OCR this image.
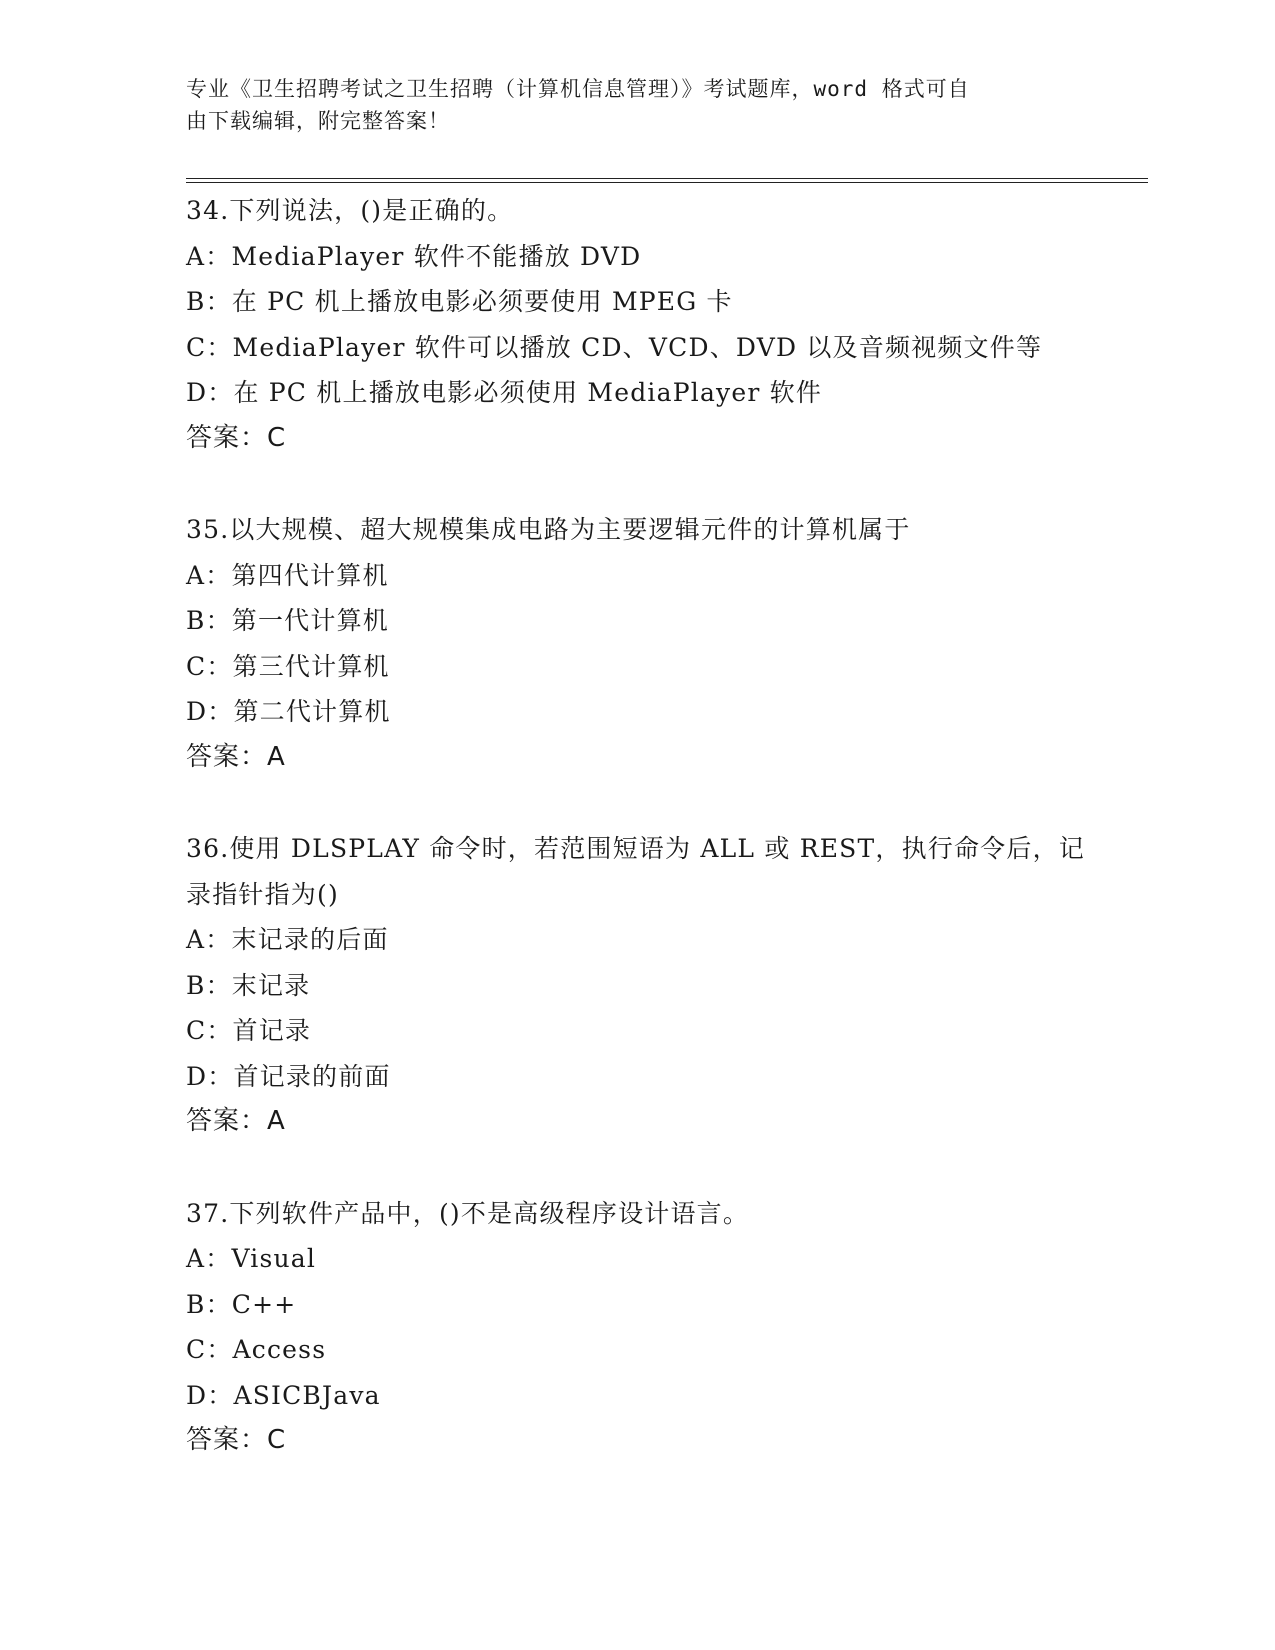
专业《卫生招聘考试之卫生招聘（计算机信息管理）》考试题库，word 格式可自
由下载编辑，附完整答案！
34.下列说法，()是正确的。
A：MediaPlayer 软件不能播放 DVD
B：在 PC 机上播放电影必须要使用 MPEG 卡
C：MediaPlayer 软件可以播放 CD、VCD、DVD 以及音频视频文件等
D：在 PC 机上播放电影必须使用 MediaPlayer 软件
答案：C
35.以大规模、超大规模集成电路为主要逻辑元件的计算机属于
A：第四代计算机
B：第一代计算机
C：第三代计算机
D：第二代计算机
答案：A
36.使用 DLSPLAY 命令时，若范围短语为 ALL 或 REST，执行命令后，记
录指针指为()
A：末记录的后面
B：末记录
C：首记录
D：首记录的前面
答案：A
37.下列软件产品中，()不是高级程序设计语言。
A：Visual
B：C++
C：Access
D：ASICBJava
答案：C
